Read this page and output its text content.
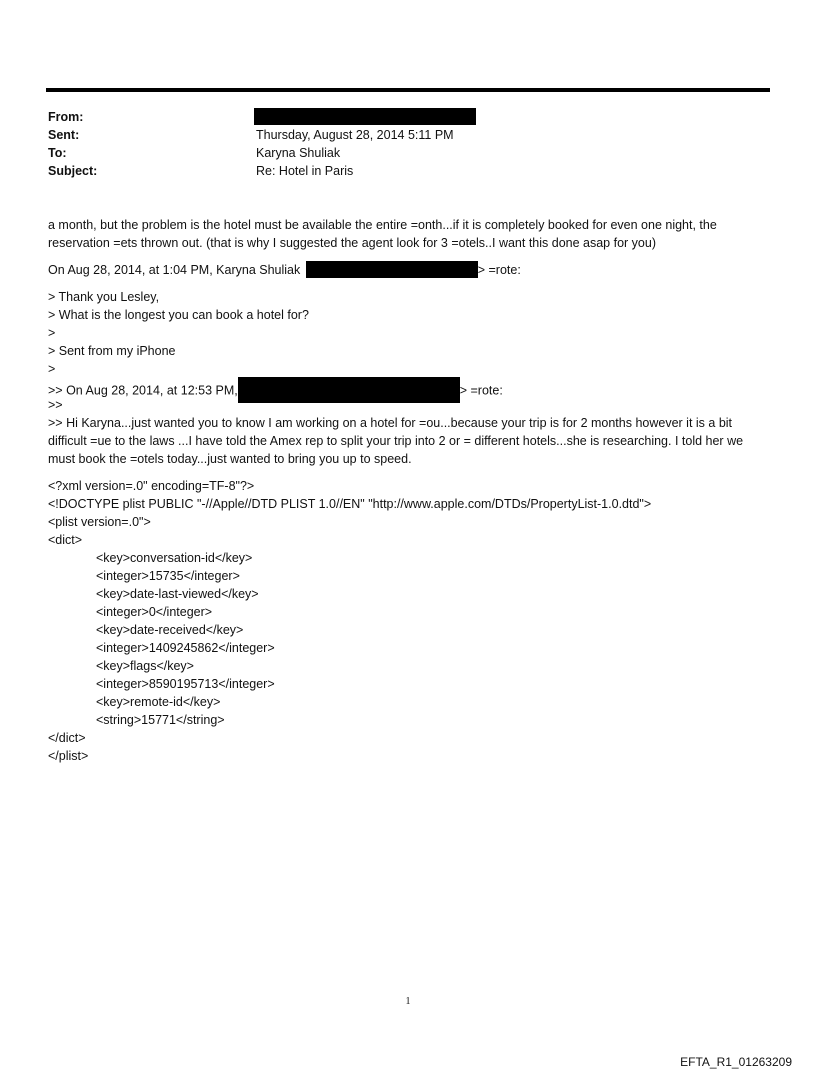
From:
Sent:	Thursday, August 28, 2014 5:11 PM
To:	Karyna Shuliak
Subject:	Re: Hotel in Paris
a month, but the problem is the hotel must be available the entire =onth...if it is completely booked for even one night, the reservation =ets thrown out. (that is why I suggested the agent look for 3 =otels..I want this done asap for you)
On Aug 28, 2014, at 1:04 PM, Karyna Shuliak	> =rote:
> Thank you Lesley,
> What is the longest you can book a hotel for?
>
> Sent from my iPhone
>
>> On Aug 28, 2014, at 12:53 PM,	> =rote:
>>
>> Hi Karyna...just wanted you to know I am working on a hotel for =ou...because your trip is for 2 months however it is a bit difficult =ue to the laws ...I have told the Amex rep to split your trip into 2 or = different hotels...she is researching. I told her we must book the =otels today...just wanted to bring you up to speed.
<?xml version=.0" encoding=TF-8"?>
<!DOCTYPE plist PUBLIC "-//Apple//DTD PLIST 1.0//EN" "http://www.apple.com/DTDs/PropertyList-1.0.dtd">
<plist version=.0">
<dict>
<key>conversation-id</key>
<integer>15735</integer>
<key>date-last-viewed</key>
<integer>0</integer>
<key>date-received</key>
<integer>1409245862</integer>
<key>flags</key>
<integer>8590195713</integer>
<key>remote-id</key>
<string>15771</string>
</dict>
</plist>
1
EFTA_R1_01263209
